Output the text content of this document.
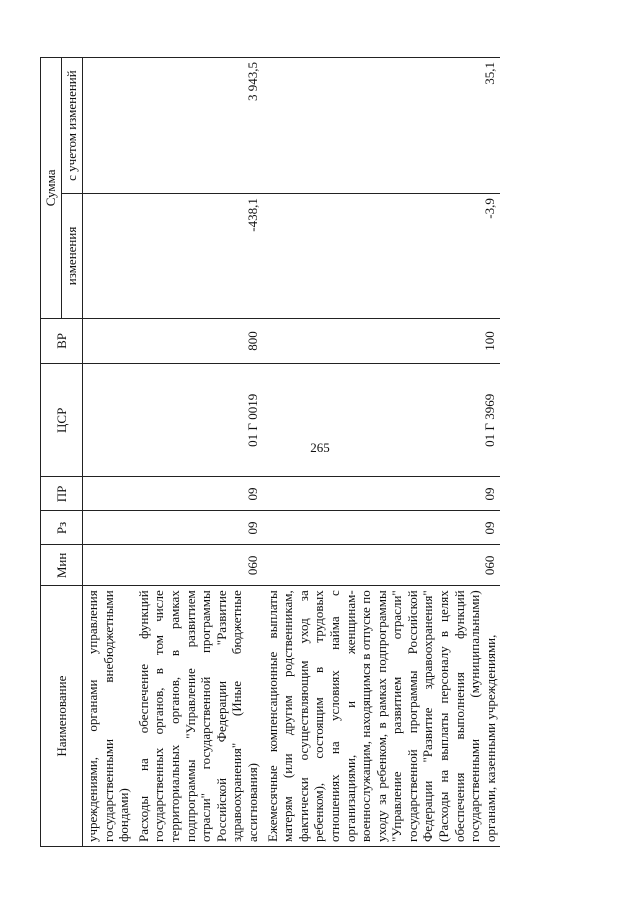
265
Наименование	Мин	Рз	ПР	ЦСР	ВР	Сумма	
						изменения	с учетом изменений
учреждениями, органами управления государственными внебюджетными фондами)							
Расходы на обеспечение функций государственных органов, в том числе территориальных органов, в рамках подпрограммы "Управление развитием отрасли" государственной программы Российской Федерации "Развитие здравоохранения" (Иные бюджетные ассигнования)	060	09	09	01 Г 0019	800	-438,1	3 943,5
Ежемесячные компенсационные выплаты матерям (или другим родственникам, фактически осуществляющим уход за ребенком), состоящим в трудовых отношениях на условиях найма с организациями, и женщинам-военнослужащим, находящимся в отпуске по уходу за ребенком, в рамках подпрограммы "Управление развитием отрасли" государственной программы Российской Федерации "Развитие здравоохранения" (Расходы на выплаты персоналу в целях обеспечения выполнения функций государственными (муниципальными) органами, казенными учреждениями,	060	09	09	01 Г 3969	100	-3,9	35,1
